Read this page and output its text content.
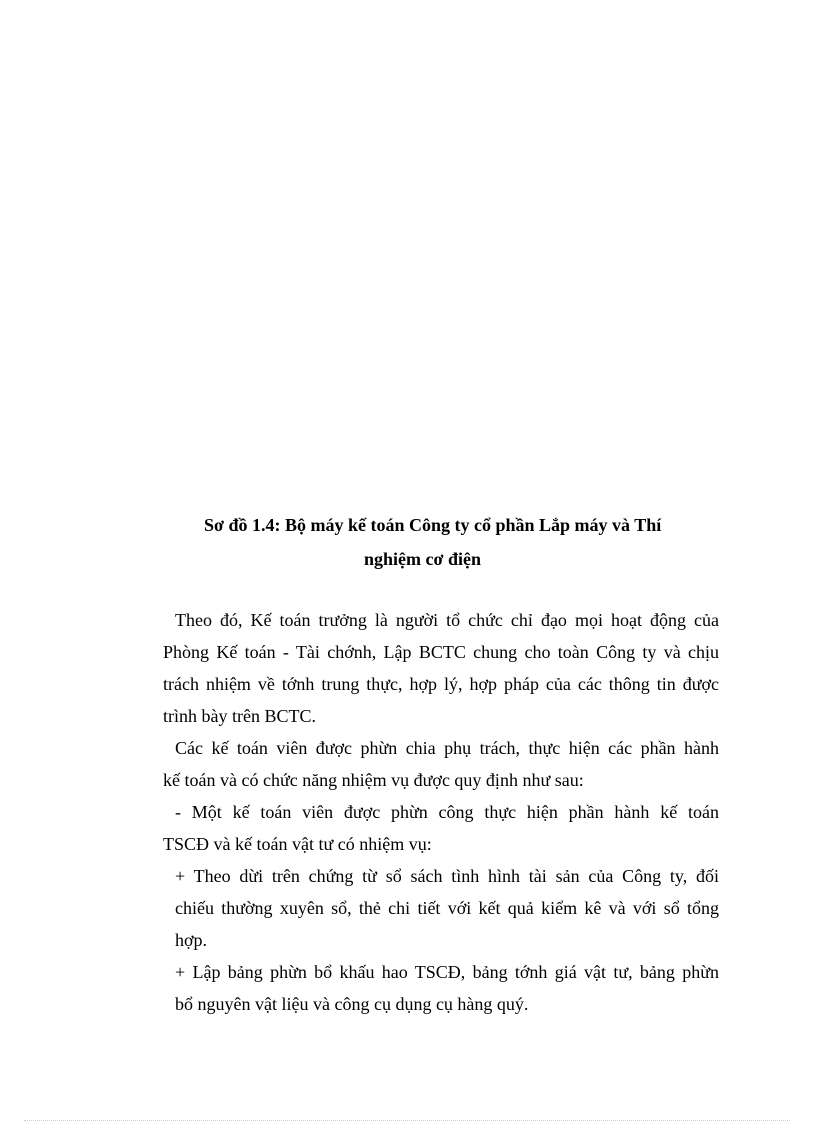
Sơ đồ 1.4: Bộ máy kế toán Công ty cổ phần Lắp máy và Thí
nghiệm cơ điện
Theo đó, Kế toán trưởng là người tổ chức chỉ đạo mọi hoạt động của
Phòng Kế toán - Tài chớnh, Lập BCTC chung cho toàn Công ty và chịu
trách nhiệm về tớnh trung thực, hợp lý, hợp pháp của các thông tin được
trình bày trên BCTC.
Các kế toán viên được phừn chia phụ trách, thực hiện các phần hành
kế toán và có chức năng nhiệm vụ được quy định như sau:
- Một kế toán viên được phừn công thực hiện phần hành kế toán
TSCĐ và kế toán vật tư có nhiệm vụ:
+ Theo dừi trên chứng từ sổ sách tình hình tài sản của Công ty, đối
chiếu thường xuyên sổ, thẻ chi tiết với kết quả kiểm kê và với sổ tổng
hợp.
+ Lập bảng phừn bổ khấu hao TSCĐ, bảng tớnh giá vật tư, bảng phừn
bổ nguyên vật liệu và công cụ dụng cụ hàng quý.
